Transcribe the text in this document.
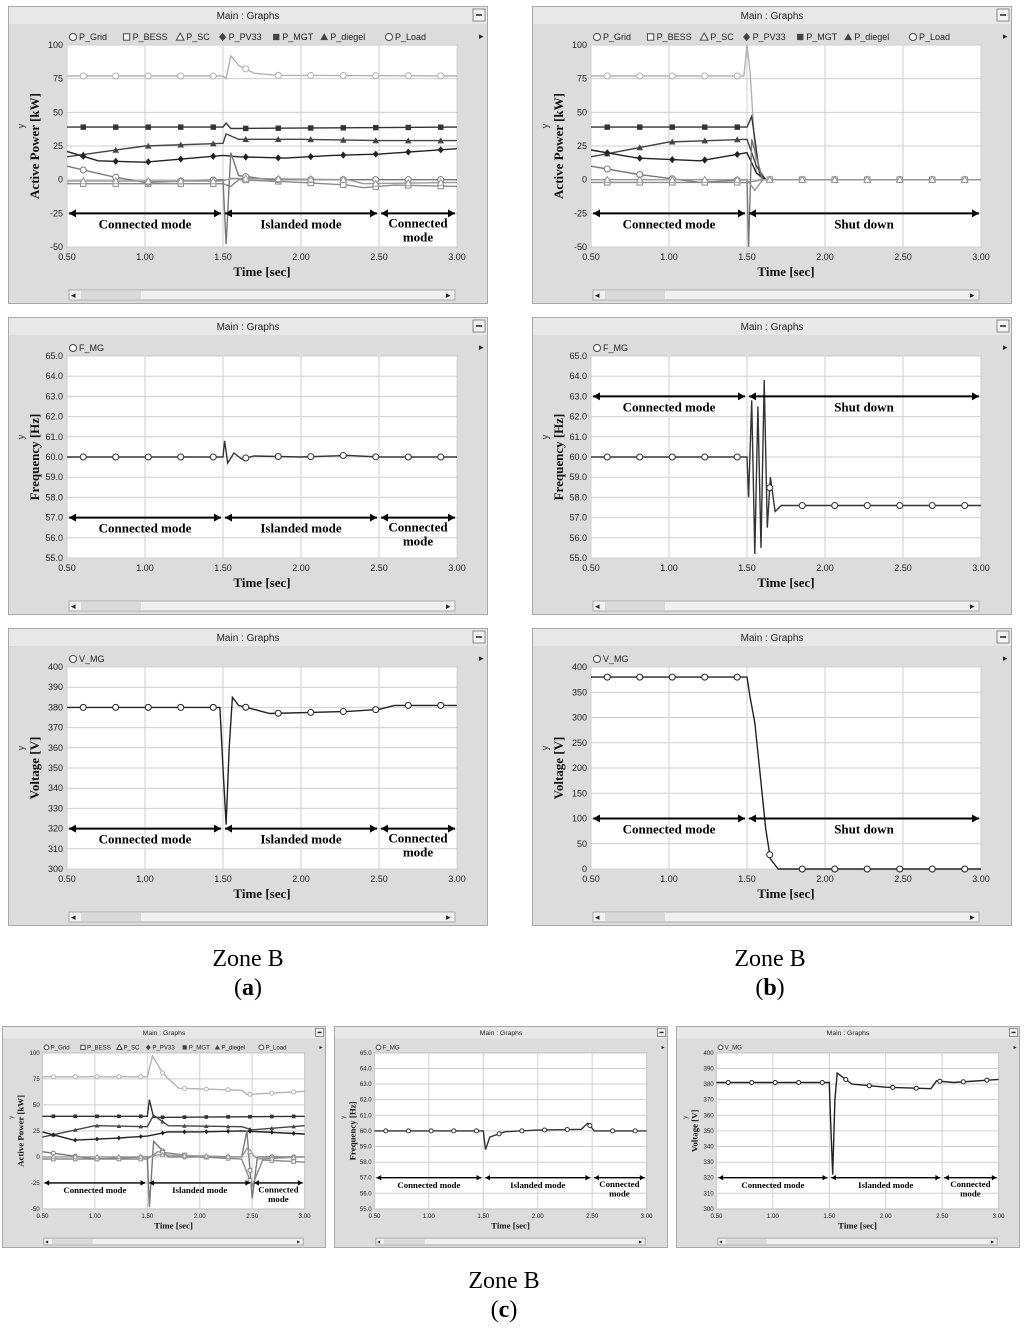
Main : Graphs
▸
P_Grid	P_BESS P_SC P_PV33 P_MGT P_diegel	P_Load
0.50	1.00	1.50	2.00	2.50	3.00
-50
-25
0
25
50
75
100
Time [sec]
Active Power [kW]
y
Connected mode	Islanded mode	Connected
mode
◂	▸
Main : Graphs
▸
P_Grid	P_BESS P_SC P_PV33 P_MGT P_diegel	P_Load
0.50	1.00	1.50	2.00	2.50	3.00
-50
-25
0
25
50
75
100
Time [sec]
Active Power [kW]
y
Connected mode	Shut down
◂	▸
Main : Graphs
▸
F_MG
0.50	1.00	1.50	2.00	2.50	3.00
55.0
56.0
57.0
58.0
59.0
60.0
61.0
62.0
63.0
64.0
65.0
Time [sec]
Frequency [Hz]
y
Connected mode	Islanded mode	Connected
mode
◂	▸
Main : Graphs
▸
F_MG
0.50	1.00	1.50	2.00	2.50	3.00
55.0
56.0
57.0
58.0
59.0
60.0
61.0
62.0
63.0
64.0
65.0
Time [sec]
Frequency [Hz]
y
Connected mode	Shut down
◂	▸
Main : Graphs
▸
V_MG
0.50	1.00	1.50	2.00	2.50	3.00
300
310
320
330
340
350
360
370
380
390
400
Time [sec]
Voltage [V]
y
Connected mode	Islanded mode	Connected
mode
◂	▸
Main : Graphs
▸
V_MG
0.50	1.00	1.50	2.00	2.50	3.00
0
50
100
150
200
250
300
350
400
Time [sec]
Voltage [V]
y
Connected mode	Shut down
◂	▸
Zone B
(a)
Zone B
(b)
Main : Graphs
▸
P_Grid	P_BESS P_SC P_PV33 P_MGT P_diegel	P_Load
0.50	1.00	1.50	2.00	2.50	3.00
-50
-25
0
25
50
75
100
Time [sec]
Active Power [kW]
y
Connected mode	Islanded mode	Connected
mode
◂	▸
Main : Graphs
▸
F_MG
0.50	1.00	1.50	2.00	2.50	3.00
55.0
56.0
57.0
58.0
59.0
60.0
61.0
62.0
63.0
64.0
65.0
Time [sec]
Frequency [Hz]
y
Connected mode	Islanded mode	Connected
mode
◂	▸
Main : Graphs
▸
V_MG
0.50	1.00	1.50	2.00	2.50	3.00
300
310
320
330
340
350
360
370
380
390
400
Time [sec]
Voltage [V]
y
Connected mode	Islanded mode	Connected
mode
◂	▸
Zone B
(c)
